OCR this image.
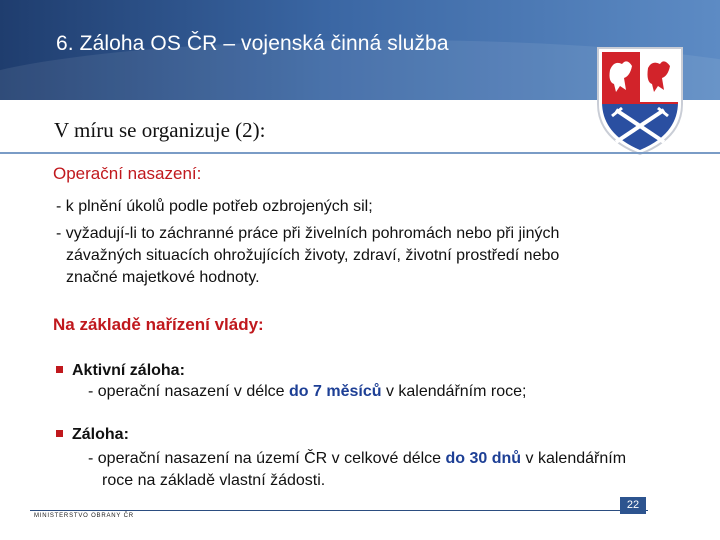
6. Záloha OS ČR – vojenská činná služba
V míru se organizuje (2):
Operační nasazení:
- k plnění úkolů podle potřeb ozbrojených sil;
- vyžadují-li to záchranné práce při živelních pohromách nebo při jiných
závažných situacích ohrožujících životy, zdraví, životní prostředí nebo
značné majetkové hodnoty.
Na základě nařízení vlády:
Aktivní záloha:
- operační nasazení v délce do 7 měsíců v kalendářním roce;
Záloha:
- operační nasazení na území ČR v celkové délce do 30 dnů v kalendářním
roce na základě vlastní žádosti.
MINISTERSTVO OBRANY ČR
22
